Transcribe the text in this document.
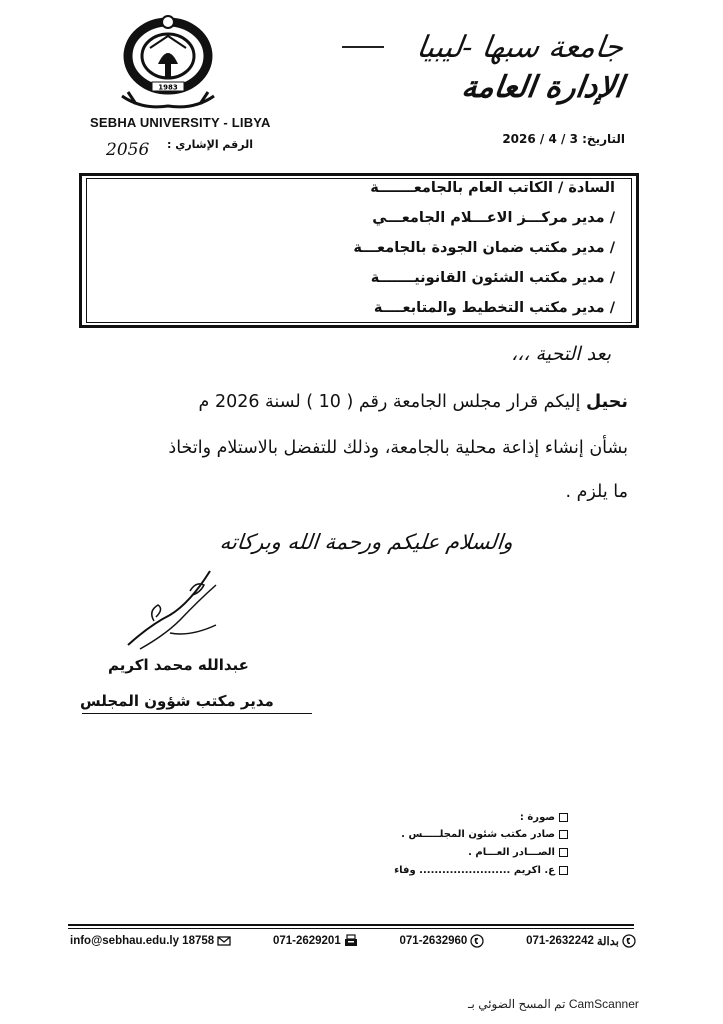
1983
SEBHA UNIVERSITY - LIBYA
جامعة سبها -ليبيا
الإدارة العامة
الرقم الإشاري :
2056
التاريخ: 3 / 4 / 2026
السادة / الكاتب العام بالجامعـــــــة
/ مدير مركـــز الاعـــلام الجامعـــي
/ مدير مكتب ضمان الجودة بالجامعـــة
/ مدير مكتب الشئون القانونيـــــــة
/ مدير مكتب التخطيط والمتابعــــة
بعد التحية ،،،
نحيل إليكم قرار مجلس الجامعة رقم ( 10 ) لسنة 2026 م
بشأن إنشاء إذاعة محلية بالجامعة، وذلك للتفضل بالاستلام واتخاذ
ما يلزم .
والسلام عليكم ورحمة الله وبركاته
عبدالله محمد اكريم
مدير مكتب شؤون المجلس
صورة :
صادر مكتب شئون المجلـــــس .
الصـــادر العـــام .
ع. اكريم ........................ وفاء
info@sebhau.edu.ly 18758	071-2629201	071-2632960	071-2632242 بدالة
تم المسح الضوئي بـ CamScanner
